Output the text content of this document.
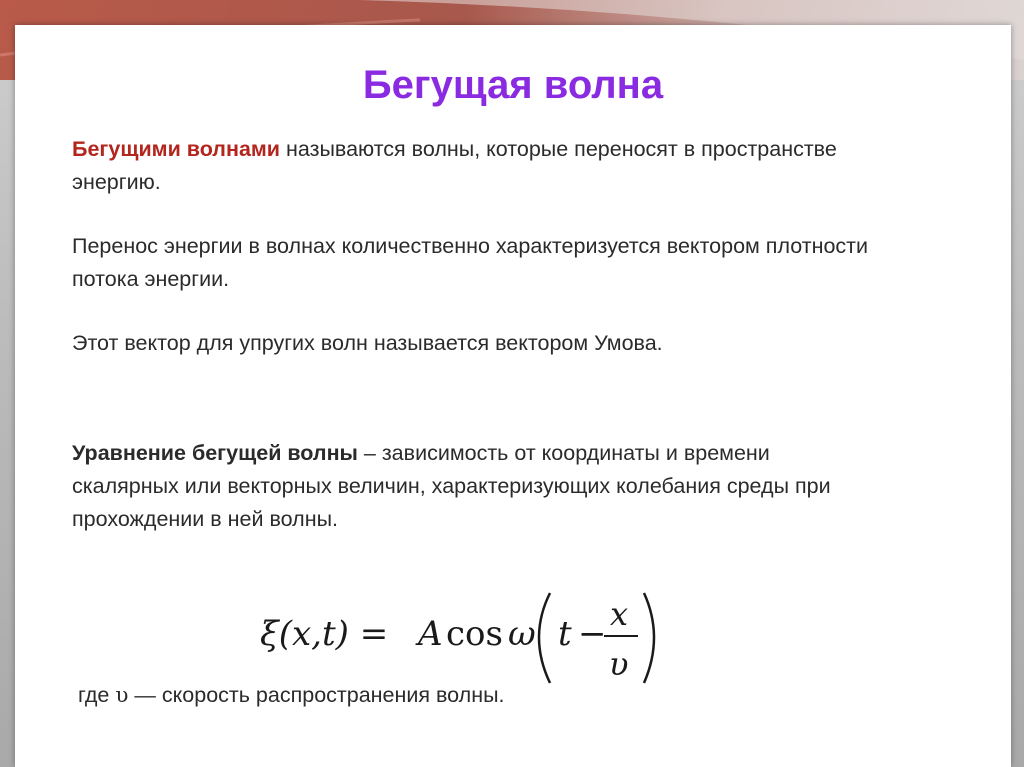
Бегущая волна
Бегущими волнами называются волны, которые переносят в пространстве энергию.
Перенос энергии в волнах количественно характеризуется вектором плотности потока энергии.
Этот вектор для упругих волн называется вектором Умова.
Уравнение бегущей волны – зависимость от координаты и времени скалярных или векторных величин, характеризующих колебания среды при прохождении в ней волны.
ξ(x,t) = A cos ω t − x
υ
где υ — скорость распространения волны.
